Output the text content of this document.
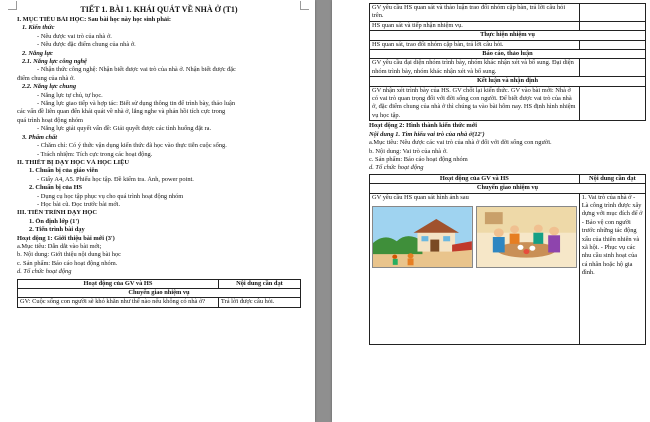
TIẾT 1. BÀI 1. KHÁI QUÁT VỀ NHÀ Ở (T1)
I. MỤC TIÊU BÀI HỌC: Sau bài học này học sinh phải:
1. Kiến thức
- Nêu được vai trò của nhà ở.
- Nêu được đặc điểm chung của nhà ở.
2. Năng lực
2.1. Năng lực công nghệ
- Nhận thức công nghệ: Nhận biết được vai trò của nhà ở. Nhận biết được đặc
điểm chung của nhà ở.
2.2. Năng lực chung
- Năng lực tự chủ, tự học.
- Năng lực giao tiếp và hợp tác: Biết sử dụng thông tin để trình bày, thảo luận
các vấn đề liên quan đến khái quát về nhà ở, lắng nghe và phản hồi tích cực trong
quá trình hoạt động nhóm
- Năng lực giải quyết vấn đề: Giải quyết được các tình huống đặt ra.
3. Phẩm chất
- Chăm chỉ: Có ý thức vận dụng kiến thức đã học vào thực tiễn cuộc sống.
- Trách nhiệm: Tích cực trong các hoạt động.
II. THIẾT BỊ DẠY HỌC VÀ HỌC LIỆU
1. Chuẩn bị của giáo viên
- Giấy A4, A5. Phiếu học tập. Đề kiểm tra. Ảnh, power point.
2. Chuẩn bị của HS
- Dụng cụ học tập phục vụ cho quá trình hoạt động nhóm
- Học bài cũ. Đọc trước bài mới.
III. TIẾN TRÌNH DẠY HỌC
1. Ổn định lớp (1')
2. Tiến trình bài dạy
Hoạt động 1: Giới thiệu bài mới (3')
a.Mục tiêu: Dẫn dắt vào bài mới;
b. Nội dung: Giới thiệu nội dung bài học
c. Sản phẩm: Báo cáo hoạt động nhóm.
d. Tổ chức hoạt động
Hoạt động của GV và HS	Nội dung cần đạt
Chuyển giao nhiệm vụ	
GV: Cuộc sống con người sẽ khó khăn như thế nào nếu không có nhà ở?	Trả lời được câu hỏi.
GV yêu cầu HS quan sát và thảo luận trao đổi nhóm cặp bàn, trả lời câu hỏi trên.	
HS quan sát và tiếp nhận nhiệm vụ.	
Thực hiện nhiệm vụ	
HS quan sát, trao đổi nhóm cặp bàn, trả lời câu hỏi.	
Báo cáo, thảo luận	
GV yêu cầu đại diện nhóm trình bày, nhóm khác nhận xét và bổ sung. Đại diện nhóm trình bày, nhóm khác nhận xét và bổ sung.	
Kết luận và nhận định	
GV nhận xét trình bày của HS. GV chốt lại kiến thức. GV vào bài mới: Nhà ở có vai trò quan trọng đối với đời sống con người. Để biết được vai trò của nhà ở, đặc điểm chung của nhà ở thì chúng ta vào bài hôm nay. HS định hình nhiệm vụ học tập.	
Hoạt động 2: Hình thành kiến thức mới
Nội dung 1. Tìm hiểu vai trò của nhà ở(12')
a.Mục tiêu: Nêu được các vai trò của nhà ở đối với đời sống con người.
b. Nội dung: Vai trò của nhà ở.
c. Sản phẩm: Báo cáo hoạt động nhóm
d. Tổ chức hoạt động
Hoạt động của GV và HS	Nội dung cần đạt
Chuyển giao nhiệm vụ	

GV yêu cầu HS quan sát hình ảnh sau	1. Vai trò của nhà ở - Là công trình được xây dựng với mục đích để ở - Bảo vệ con người trước những tác động xấu của thiên nhiên và xã hội. - Phục vụ các nhu cầu sinh hoạt của cá nhân hoặc hộ gia đình.
